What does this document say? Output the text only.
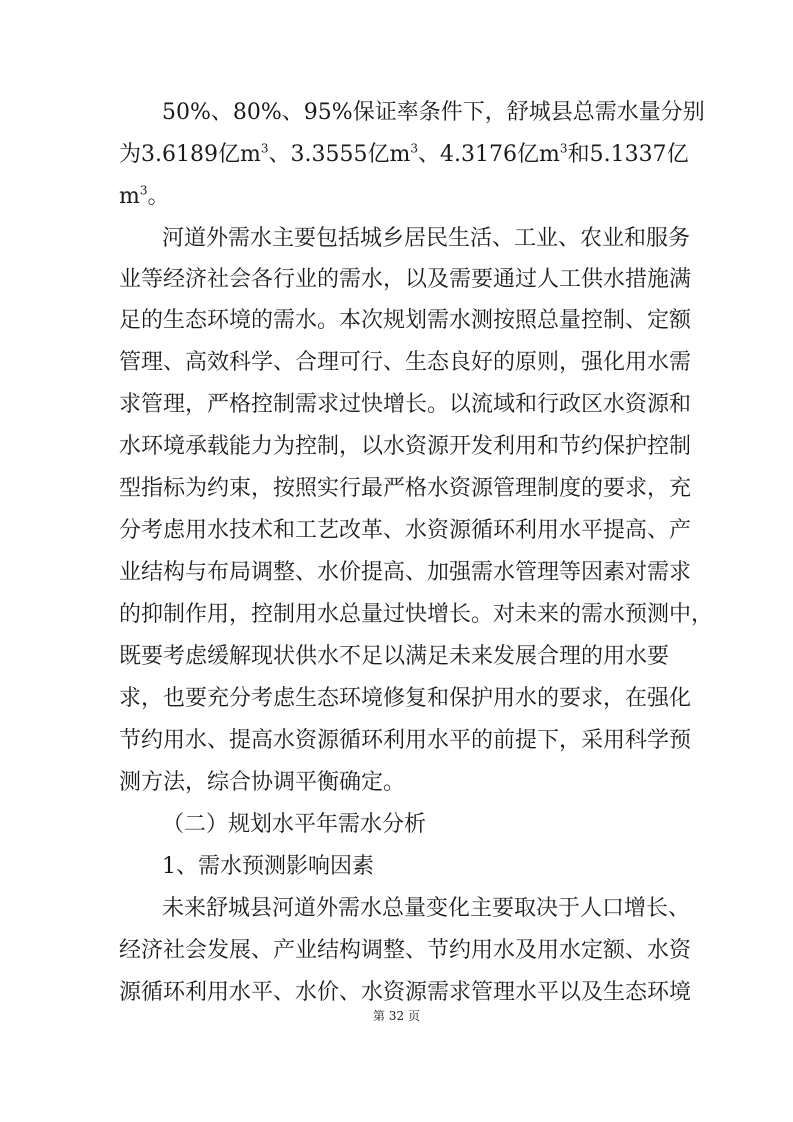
50%、80%、95%保证率条件下，舒城县总需水量分别
为 3.6189 亿 $m^3$ 、3.3555 亿 $m^3$ 、4.3176 亿 $m^3$ 和 5.1337 亿
$m^3$。
河道外需水主要包括城乡居民生活、工业、农业和服务
业等经济社会各行业的需水，以及需要通过人工供水措施满
足的生态环境的需水。本次规划需水测按照总量控制、定额
管理、高效科学、合理可行、生态良好的原则，强化用水需
求管理，严格控制需求过快增长。以流域和行政区水资源和
水环境承载能力为控制，以水资源开发利用和节约保护控制
型指标为约束，按照实行最严格水资源管理制度的要求，充
分考虑用水技术和工艺改革、水资源循环利用水平提高、产
业结构与布局调整、水价提高、加强需水管理等因素对需求
的抑制作用，控制用水总量过快增长。对未来的需水预测中，
既要考虑缓解现状供水不足以满足未来发展合理的用水要
求，也要充分考虑生态环境修复和保护用水的要求，在强化
节约用水、提高水资源循环利用水平的前提下，采用科学预
测方法，综合协调平衡确定。
（二）规划水平年需水分析
1、需水预测影响因素
未来舒城县河道外需水总量变化主要取决于人口增长、
经济社会发展、产业结构调整、节约用水及用水定额、水资
源循环利用水平、水价、水资源需求管理水平以及生态环境
第 32 页
